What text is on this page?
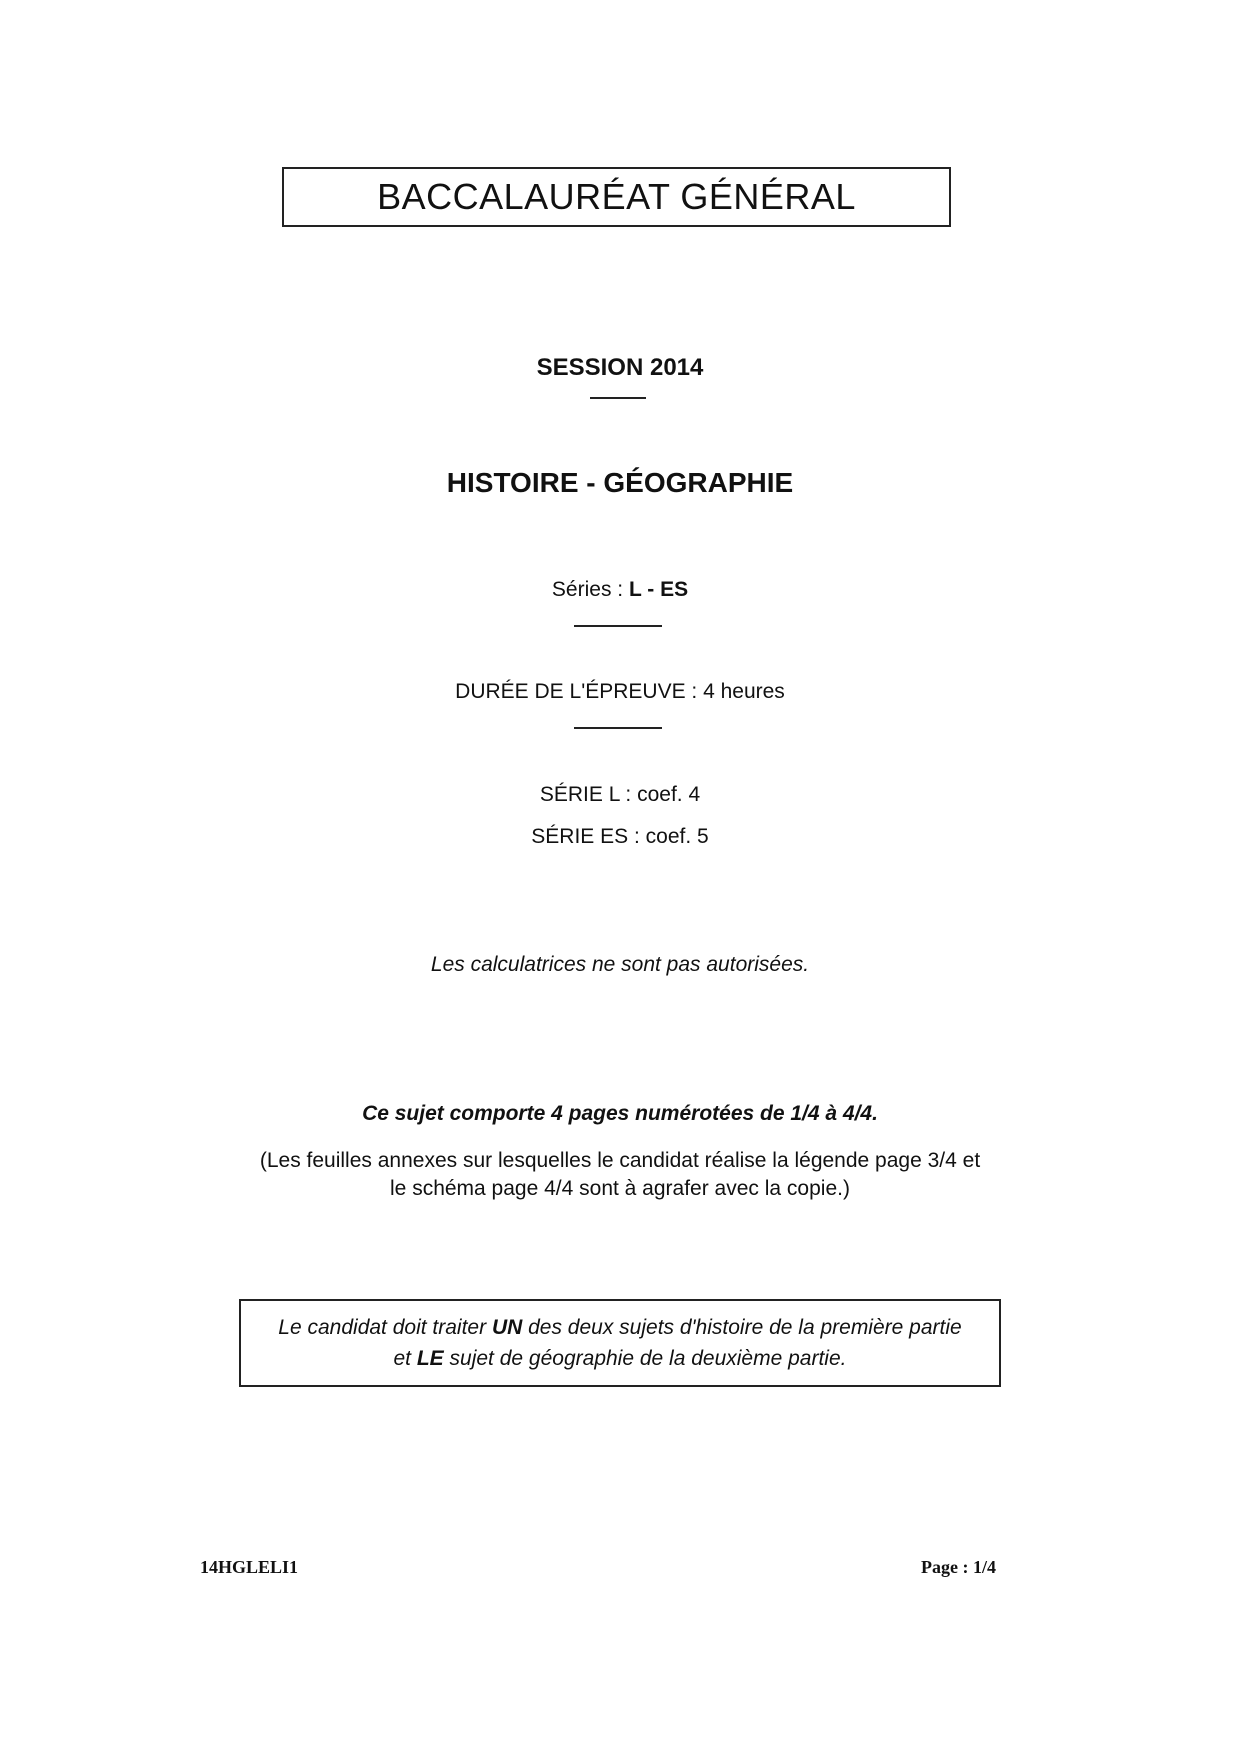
BACCALAURÉAT GÉNÉRAL
SESSION 2014
HISTOIRE - GÉOGRAPHIE
Séries : L - ES
DURÉE DE L'ÉPREUVE : 4 heures
SÉRIE L : coef. 4
SÉRIE ES : coef. 5
Les calculatrices ne sont pas autorisées.
Ce sujet comporte 4 pages numérotées de 1/4 à 4/4.
(Les feuilles annexes sur lesquelles le candidat réalise la légende page 3/4 et
le schéma page 4/4 sont à agrafer avec la copie.)
Le candidat doit traiter UN des deux sujets d'histoire de la première partie
et LE sujet de géographie de la deuxième partie.
14HGLELI1	Page : 1/4
